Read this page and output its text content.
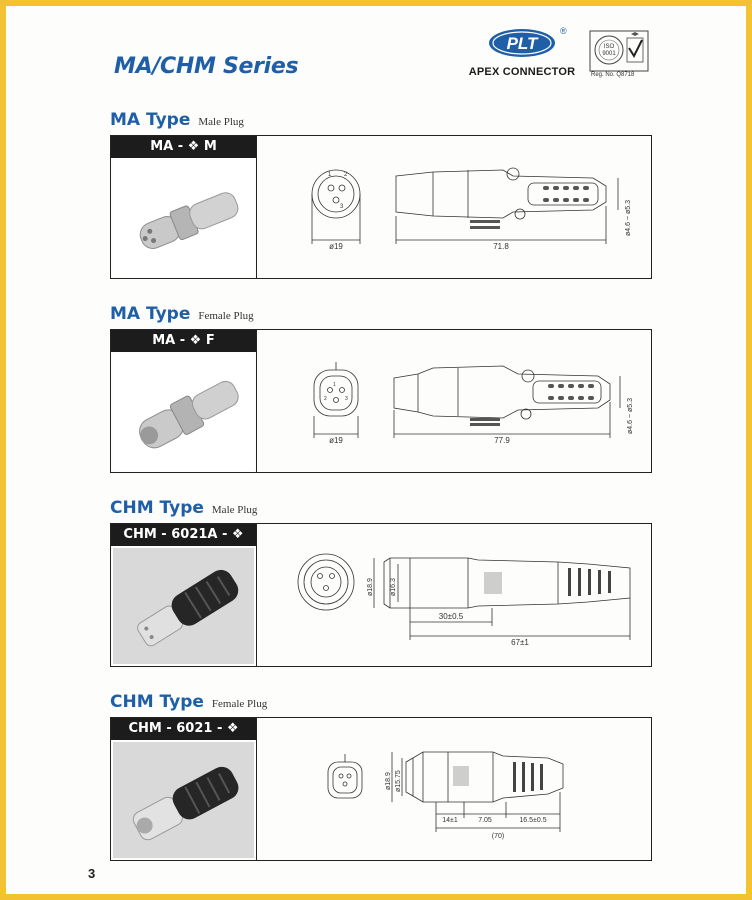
MA/CHM Series
PLT
®
APEX CONNECTOR
ISO
9001
Reg. No. Q8718
MA Type Male Plug
MA - ❖ M
1 2
3
ø19	71.8
ø4.6 ~ ø5.3
MA Type Female Plug
MA - ❖ F
1
2	3
ø19	77.9
ø4.6 ~ ø5.3
CHM Type Male Plug
CHM - 6021A - ❖
ø18.9 ø16.3
30±0.5
67±1
CHM Type Female Plug
CHM - 6021 - ❖
ø18.9 ø15.75
14±1	7.05	16.5±0.5
(70)
3
